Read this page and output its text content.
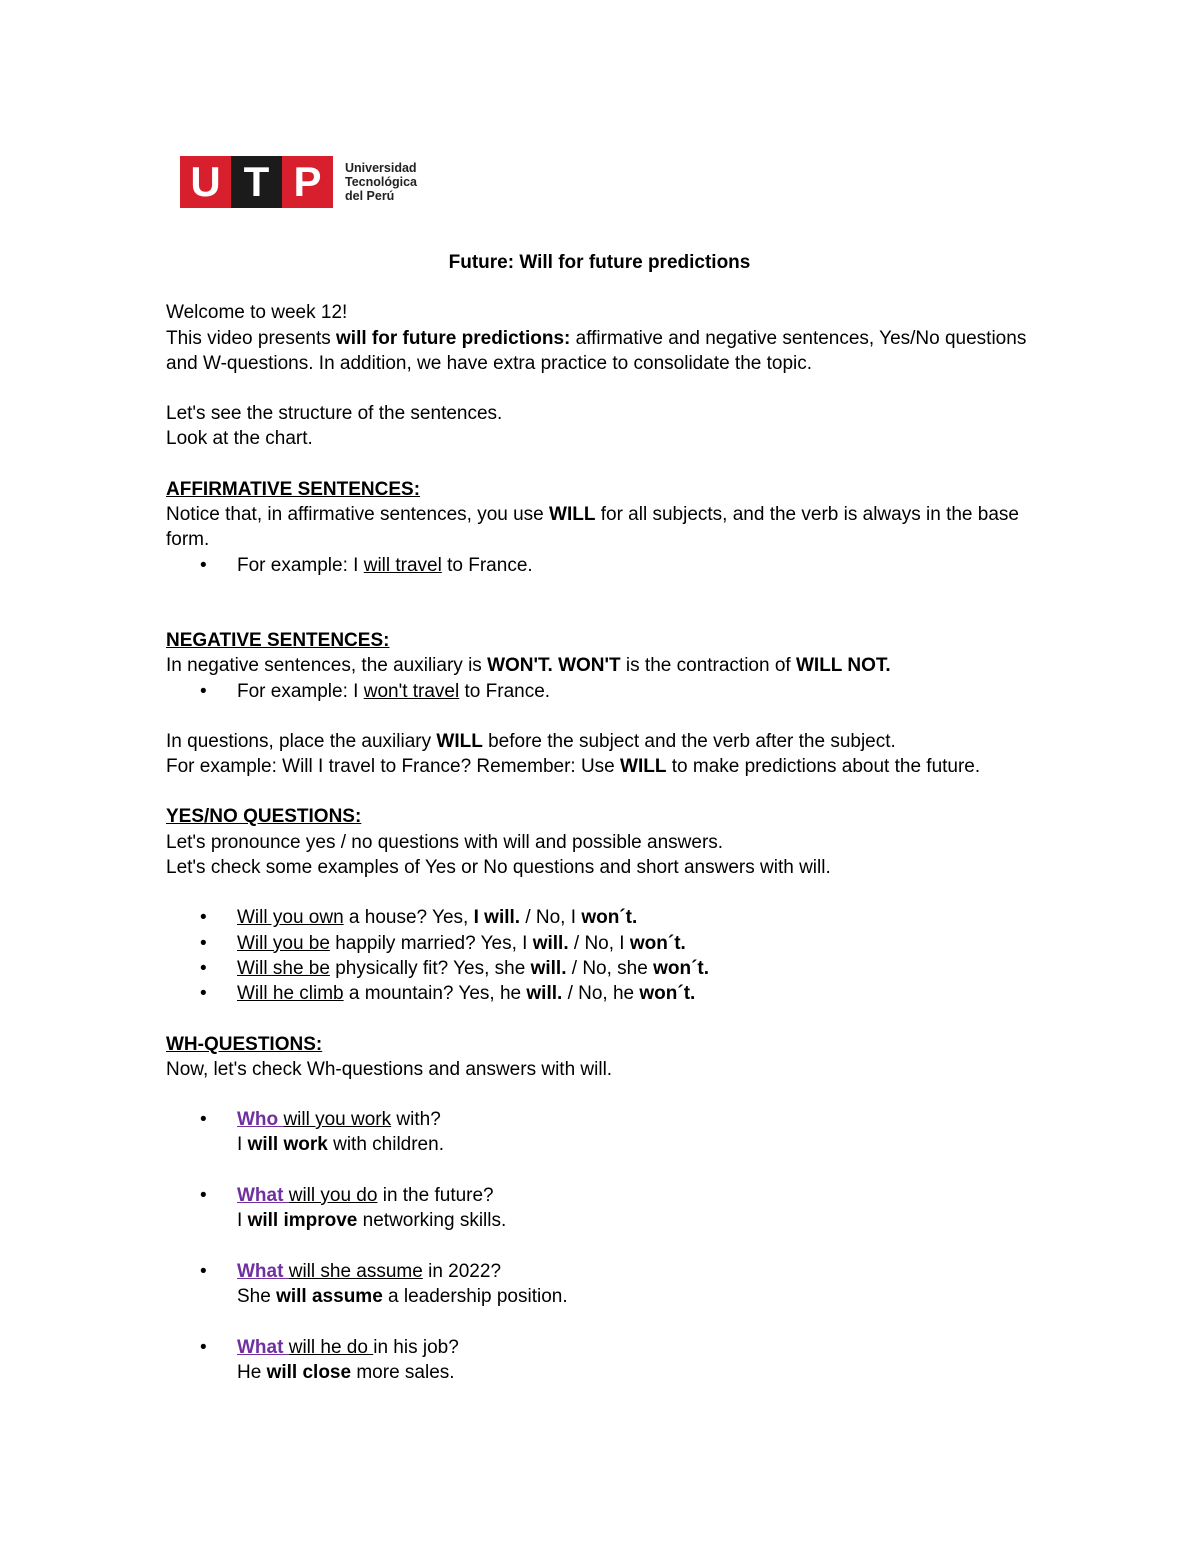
U T P	Universidad
Tecnológica
del Perú

Future: Will for future predictions

Welcome to week 12!

This video presents will for future predictions: affirmative and negative sentences, Yes/No questions and W-questions. In addition, we have extra practice to consolidate the topic.

Let's see the structure of the sentences.

Look at the chart.

AFFIRMATIVE SENTENCES:

Notice that, in affirmative sentences, you use WILL for all subjects, and the verb is always in the base form.

• For example: I will travel to France.

NEGATIVE SENTENCES:

In negative sentences, the auxiliary is WON'T. WON'T is the contraction of WILL NOT.

• For example: I won't travel to France.

In questions, place the auxiliary WILL before the subject and the verb after the subject.
For example: Will I travel to France? Remember: Use WILL to make predictions about the future.

YES/NO QUESTIONS:

Let's pronounce yes / no questions with will and possible answers.

Let's check some examples of Yes or No questions and short answers with will.

• Will you own a house? Yes, I will. / No, I won´t.
• Will you be happily married? Yes, I will. / No, I won´t.
• Will she be physically fit? Yes, she will. / No, she won´t.
• Will he climb a mountain? Yes, he will. / No, he won´t.

WH-QUESTIONS:

Now, let's check Wh-questions and answers with will.

• Who will you work with?
I will work with children.
• What will you do in the future?
I will improve networking skills.
• What will she assume in 2022?
She will assume a leadership position.
• What will he do in his job?
He will close more sales.
